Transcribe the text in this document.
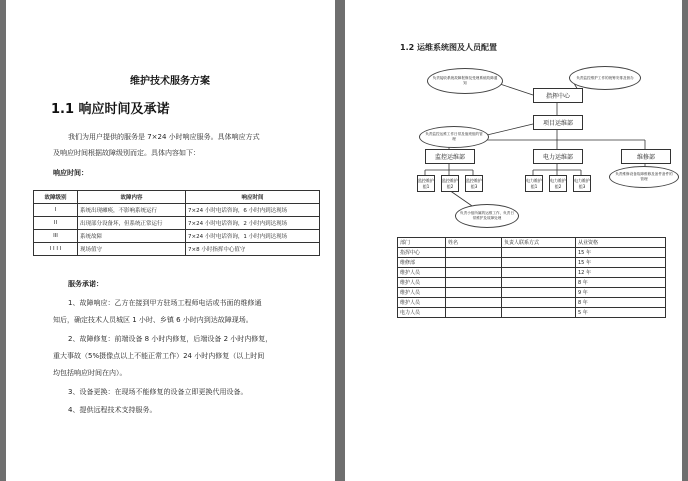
维护技术服务方案
1.1 响应时间及承诺
我们为用户提供的服务是 7×24 小时响应服务。具体响应方式
及响应时间根据故障级别而定。具体内容如下：
响应时间：
故障级别	故障内容	响应时间
I	系统出现瘫痪，不影响系统运行	7×24 小时电话咨询，6 小时内到达现场
II	出现部分设备坏，但系统正常运行	7×24 小时电话咨询，2 小时内到达现场
III	系统故障	7×24 小时电话咨询，1 小时内到达现场
I I I I	现场值守	7×8 小时指挥中心值守
服务承诺：
1、故障响应：乙方在接到甲方驻场工程师电话或书面的维修通
知后，确定技术人员城区 1 小时、乡镇 6 小时内到达故障现场。
2、故障修复：前端设备 8 小时内修复，后端设备 2 小时内修复，
重大事故（5%摄像点以上不能正常工作）24 小时内修复（以上时间
均包括响应时间在内）。
3、设备更换：在现场不能修复的设备立即更换代用设备。
4、提供远程技术支持服务。
1.2 运维系统图及人员配置
负责接收系统故障报修及受理系统故障通知
负责监控维护工作的统筹安排及督办
指挥中心
项目运维部
负责监控运维工作日常及值班组的管理
监控运维部	电力运维部	维修部
监控维护组1
监控维护组2
监控维护组3
电力维护组1
电力维护组2
电力维护组3
负责维修设备故障维修及备件备件的管理
负责小组所属的运维工作，负责日常维护及故障处理
部门	姓名	负责人联系方式	从业资格
指挥中心			15 年
维修部			15 年
维护人员			12 年
维护人员			8 年
维护人员			9 年
维护人员			8 年
电力人员			5 年
